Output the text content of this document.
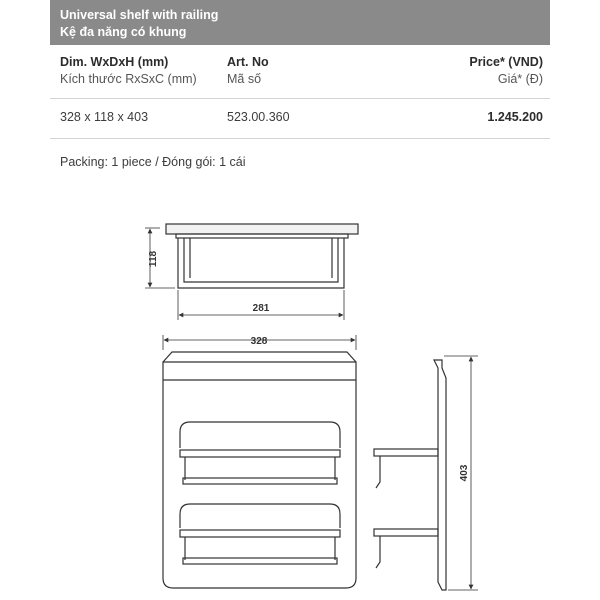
Universal shelf with railing
Kệ đa năng có khung
Dim. WxDxH (mm)
Kích thước RxSxC (mm)
Art. No
Mã số
Price* (VND)
Giá* (Đ)
328 x 118 x 403	523.00.360	1.245.200
Packing: 1 piece / Đóng gói: 1 cái
118
281
328
403
